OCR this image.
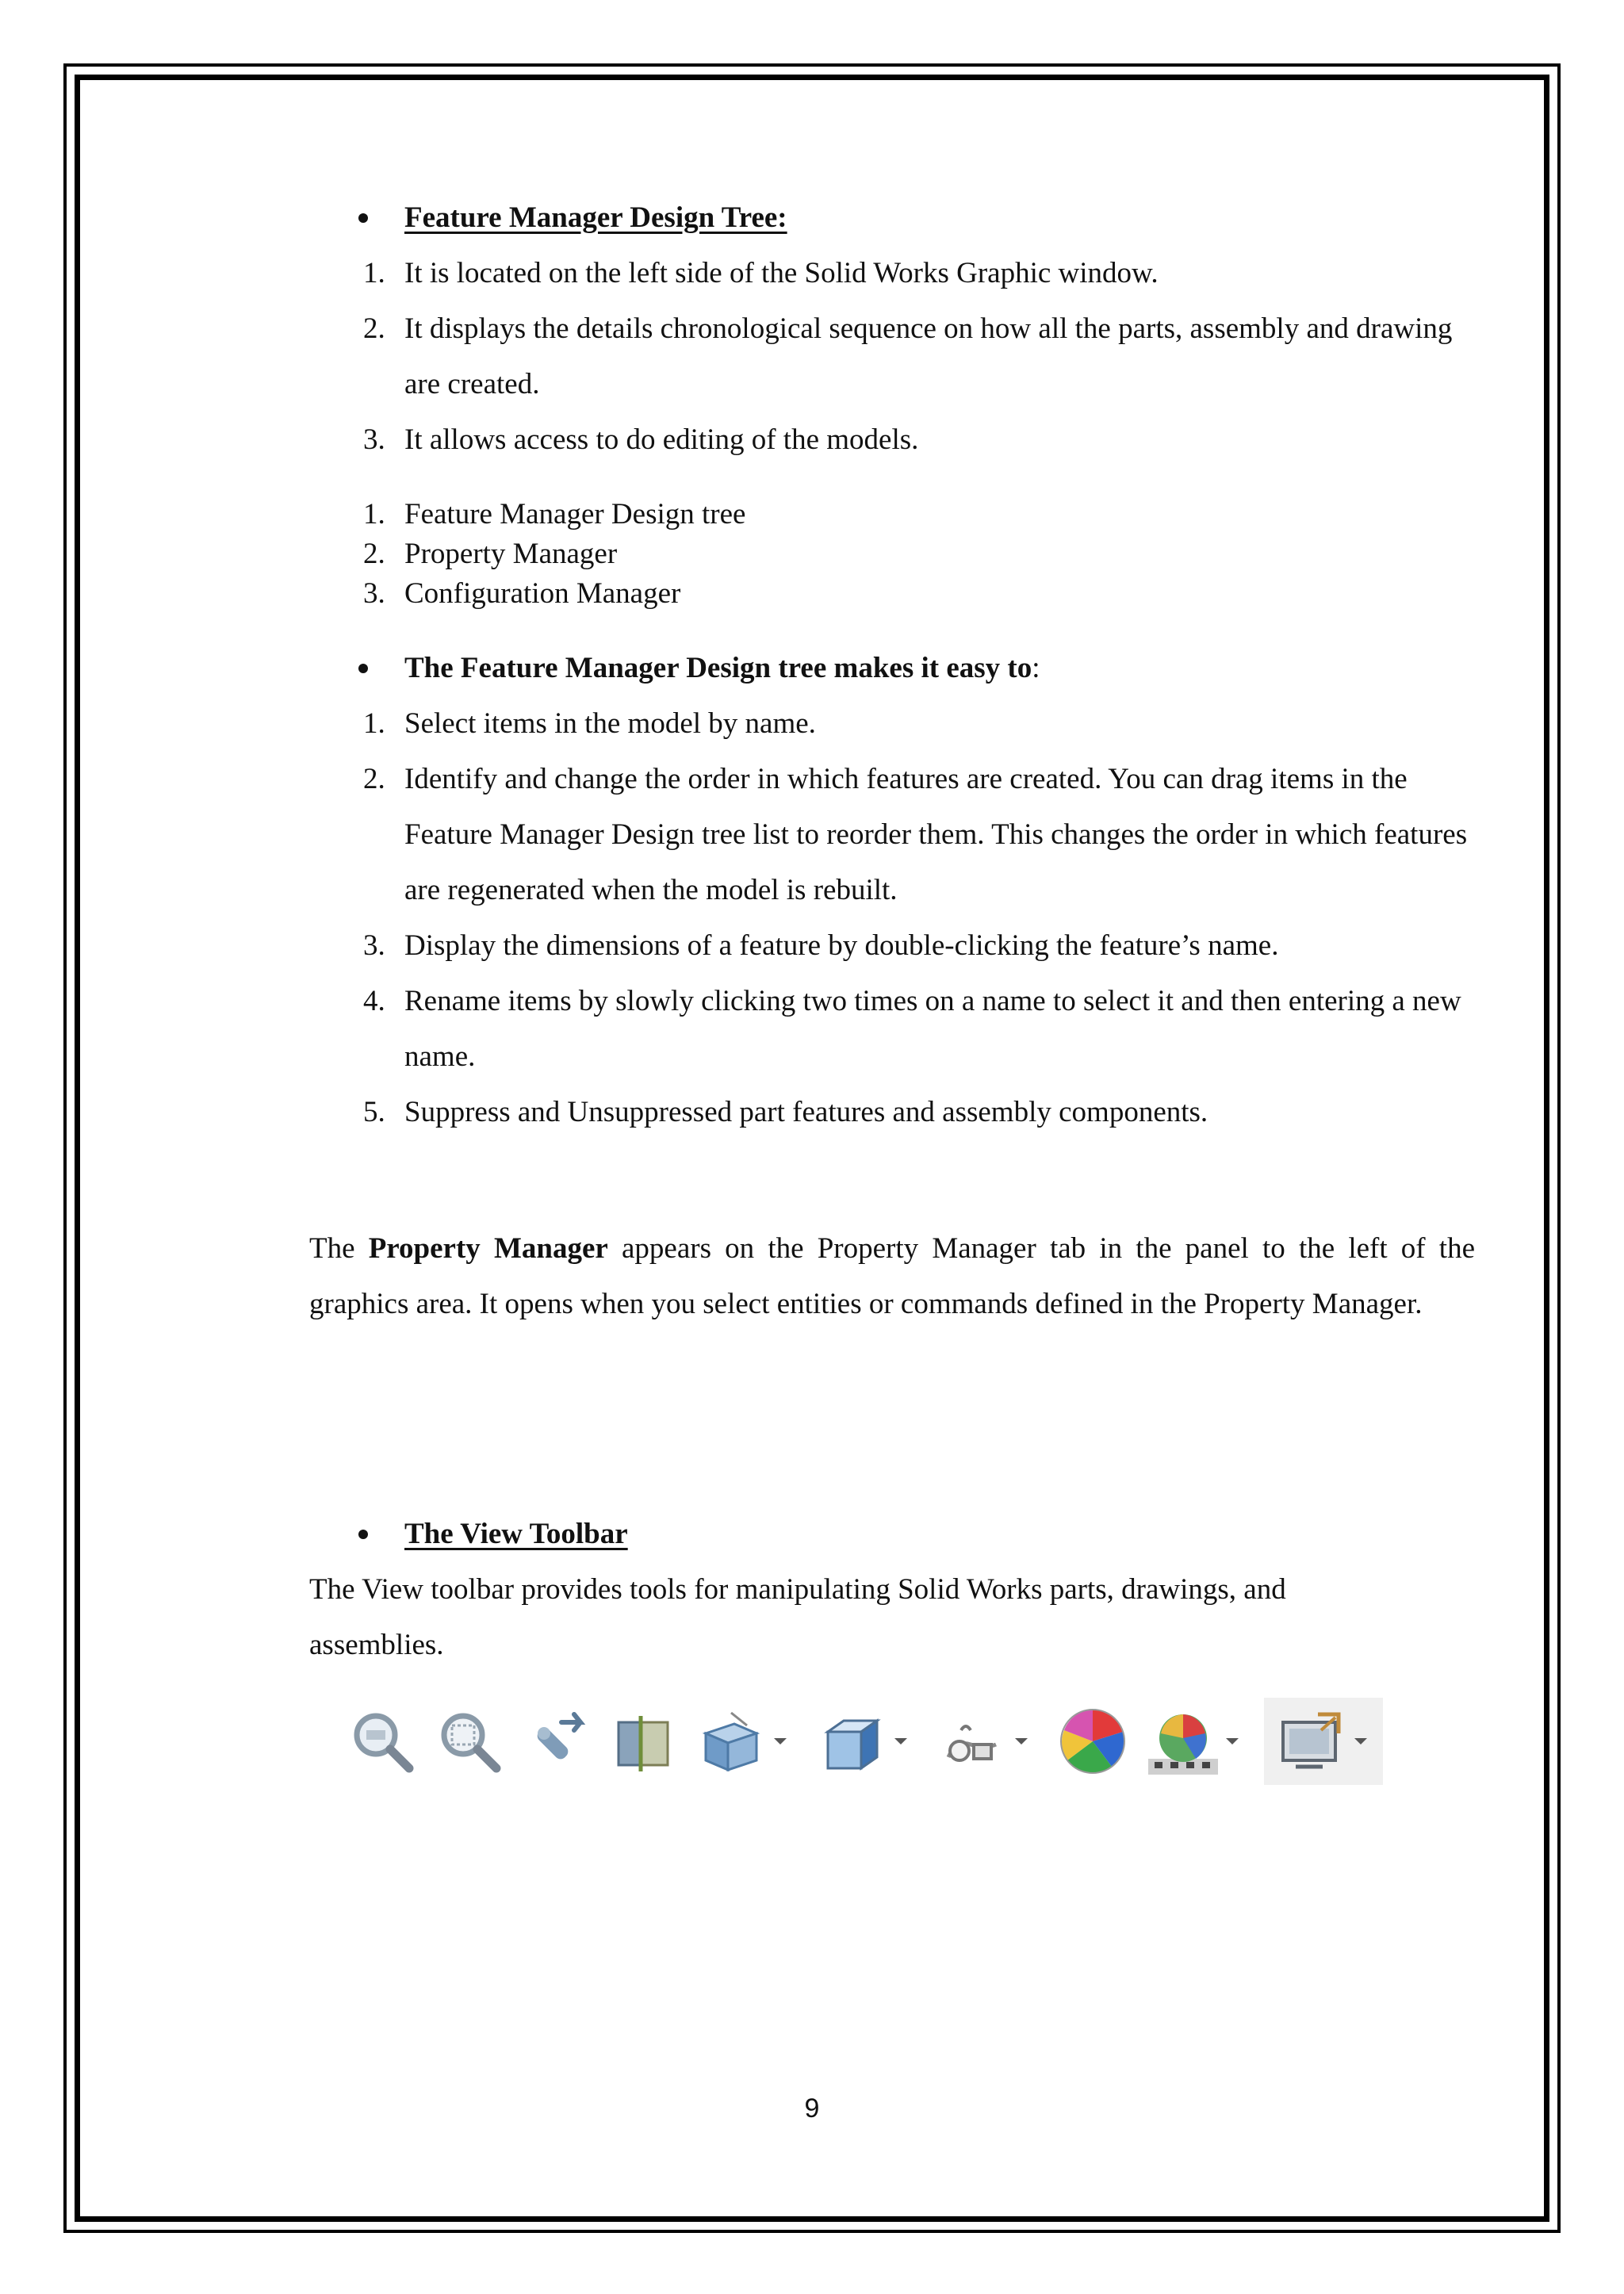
Feature Manager Design Tree:
1. It is located on the left side of the Solid Works Graphic window.
2. It displays the details chronological sequence on how all the parts, assembly and drawing are created.
3. It allows access to do editing of the models.
1. Feature Manager Design tree
2. Property Manager
3. Configuration Manager
The Feature Manager Design tree makes it easy to:
1. Select items in the model by name.
2. Identify and change the order in which features are created. You can drag items in the Feature Manager Design tree list to reorder them. This changes the order in which features are regenerated when the model is rebuilt.
3. Display the dimensions of a feature by double-clicking the feature’s name.
4. Rename items by slowly clicking two times on a name to select it and then entering a new name.
5. Suppress and Unsuppressed part features and assembly components.
The Property Manager appears on the Property Manager tab in the panel to the left of the graphics area. It opens when you select entities or commands defined in the Property Manager.
The View Toolbar
The View toolbar provides tools for manipulating Solid Works parts, drawings, and assemblies.
9
